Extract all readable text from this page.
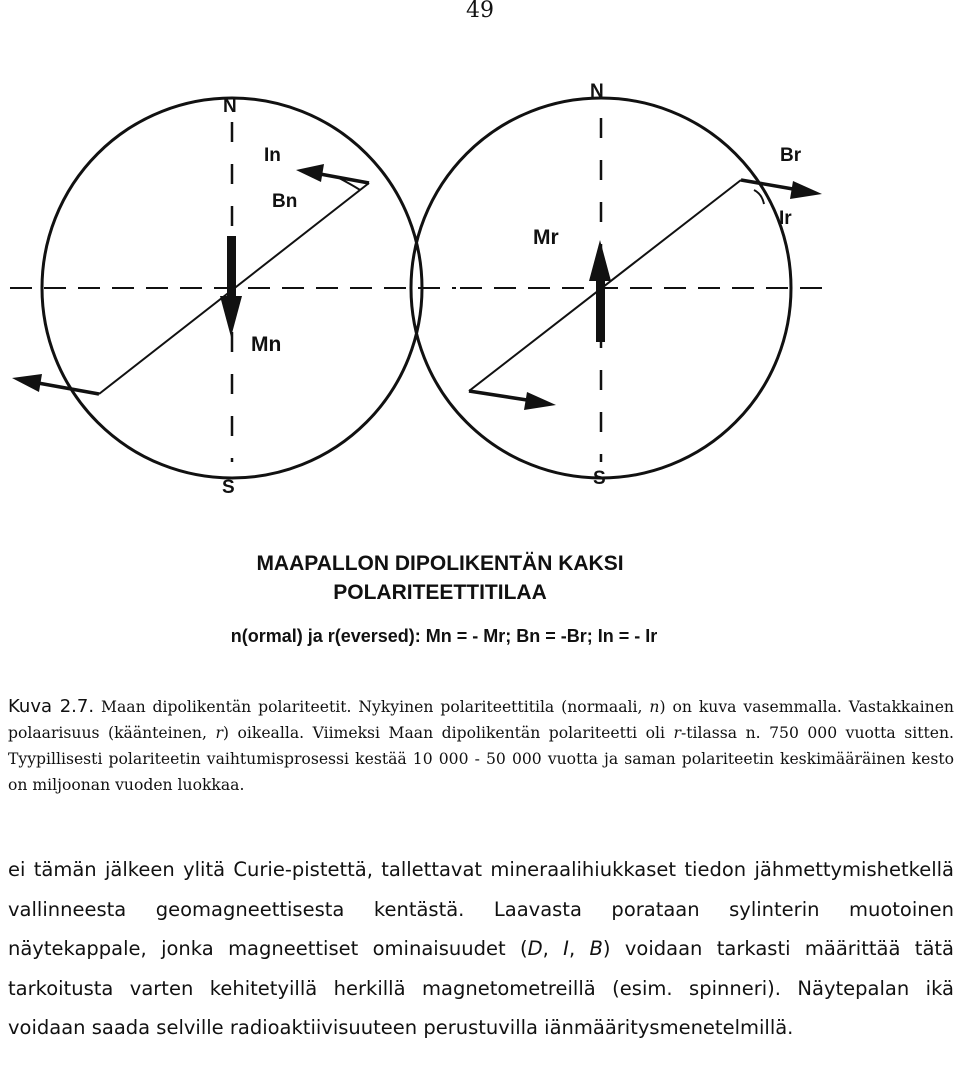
49
N
S
In
Bn
Mn
N
S
Br
Ir
Mr
MAAPALLON DIPOLIKENTÄN KAKSI
POLARITEETTITILAA
n(ormal) ja r(eversed): Mn = - Mr; Bn = -Br; In = - Ir
Kuva 2.7. Maan dipolikentän polariteetit. Nykyinen polariteettitila (normaali, n) on kuva vasemmalla. Vastakkainen polaarisuus (käänteinen, r) oikealla. Viimeksi Maan dipolikentän polariteetti oli r-tilassa n. 750 000 vuotta sitten. Tyypillisesti polariteetin vaihtumisprosessi kestää 10 000 - 50 000 vuotta ja saman polariteetin keskimääräinen kesto on miljoonan vuoden luokkaa.
ei tämän jälkeen ylitä Curie-pistettä, tallettavat mineraalihiukkaset tiedon jähmettymishetkellä vallinneesta geomagneettisesta kentästä. Laavasta porataan sylinterin muotoinen näytekappale, jonka magneettiset ominaisuudet (D, I, B) voidaan tarkasti määrittää tätä tarkoitusta varten kehitetyillä herkillä magnetometreillä (esim. spinneri). Näytepalan ikä voidaan saada selville radioaktiivisuuteen perustuvilla iänmääritysmenetelmillä.
